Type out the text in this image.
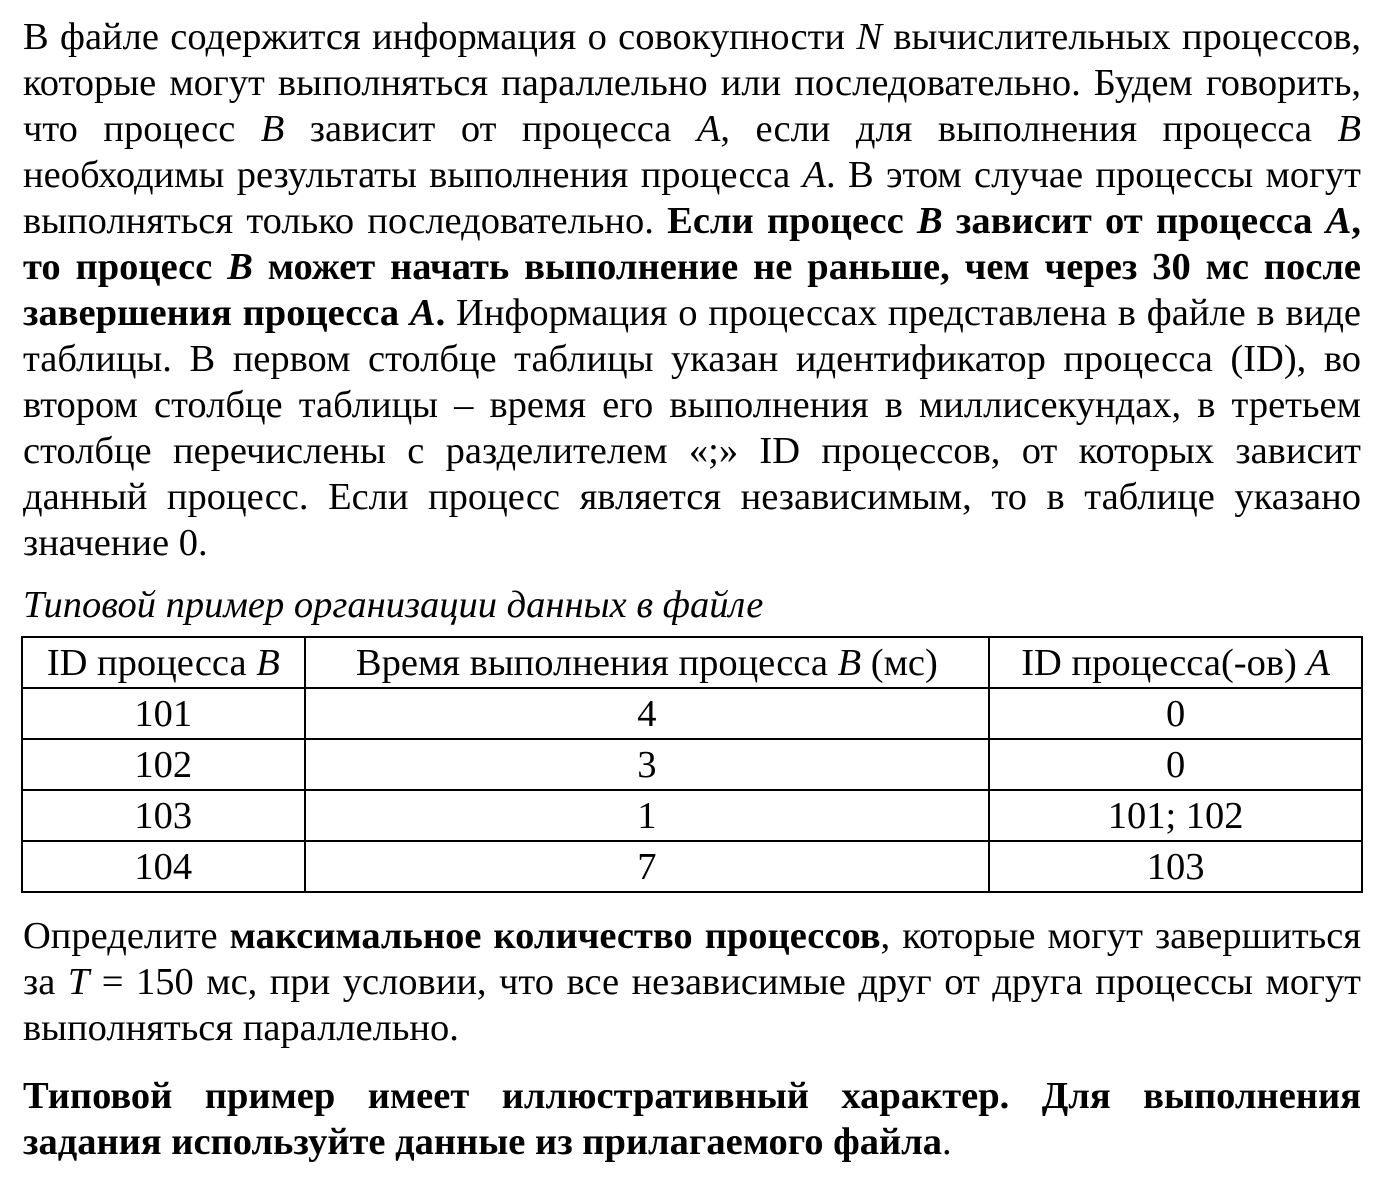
В файле содержится информация о совокупности N вычислительных процессов, которые могут выполняться параллельно или последовательно. Будем говорить, что процесс B зависит от процесса A, если для выполнения процесса B необходимы результаты выполнения процесса A. В этом случае процессы могут выполняться только последовательно. Если процесс B зависит от процесса A, то процесс B может начать выполнение не раньше, чем через 30 мс после завершения процесса A. Информация о процессах представлена в файле в виде таблицы. В первом столбце таблицы указан идентификатор процесса (ID), во втором столбце таблицы – время его выполнения в миллисекундах, в третьем столбце перечислены с разделителем «;» ID процессов, от которых зависит данный процесс. Если процесс является независимым, то в таблице указано значение 0.

Типовой пример организации данных в файле

ID процесса B	Время выполнения процесса B (мс)	ID процесса(-ов) A
101	4	0
102	3	0
103	1	101; 102
104	7	103

Определите максимальное количество процессов, которые могут завершиться за T = 150 мс, при условии, что все независимые друг от друга процессы могут выполняться параллельно.

Типовой пример имеет иллюстративный характер. Для выполнения задания используйте данные из прилагаемого файла.
